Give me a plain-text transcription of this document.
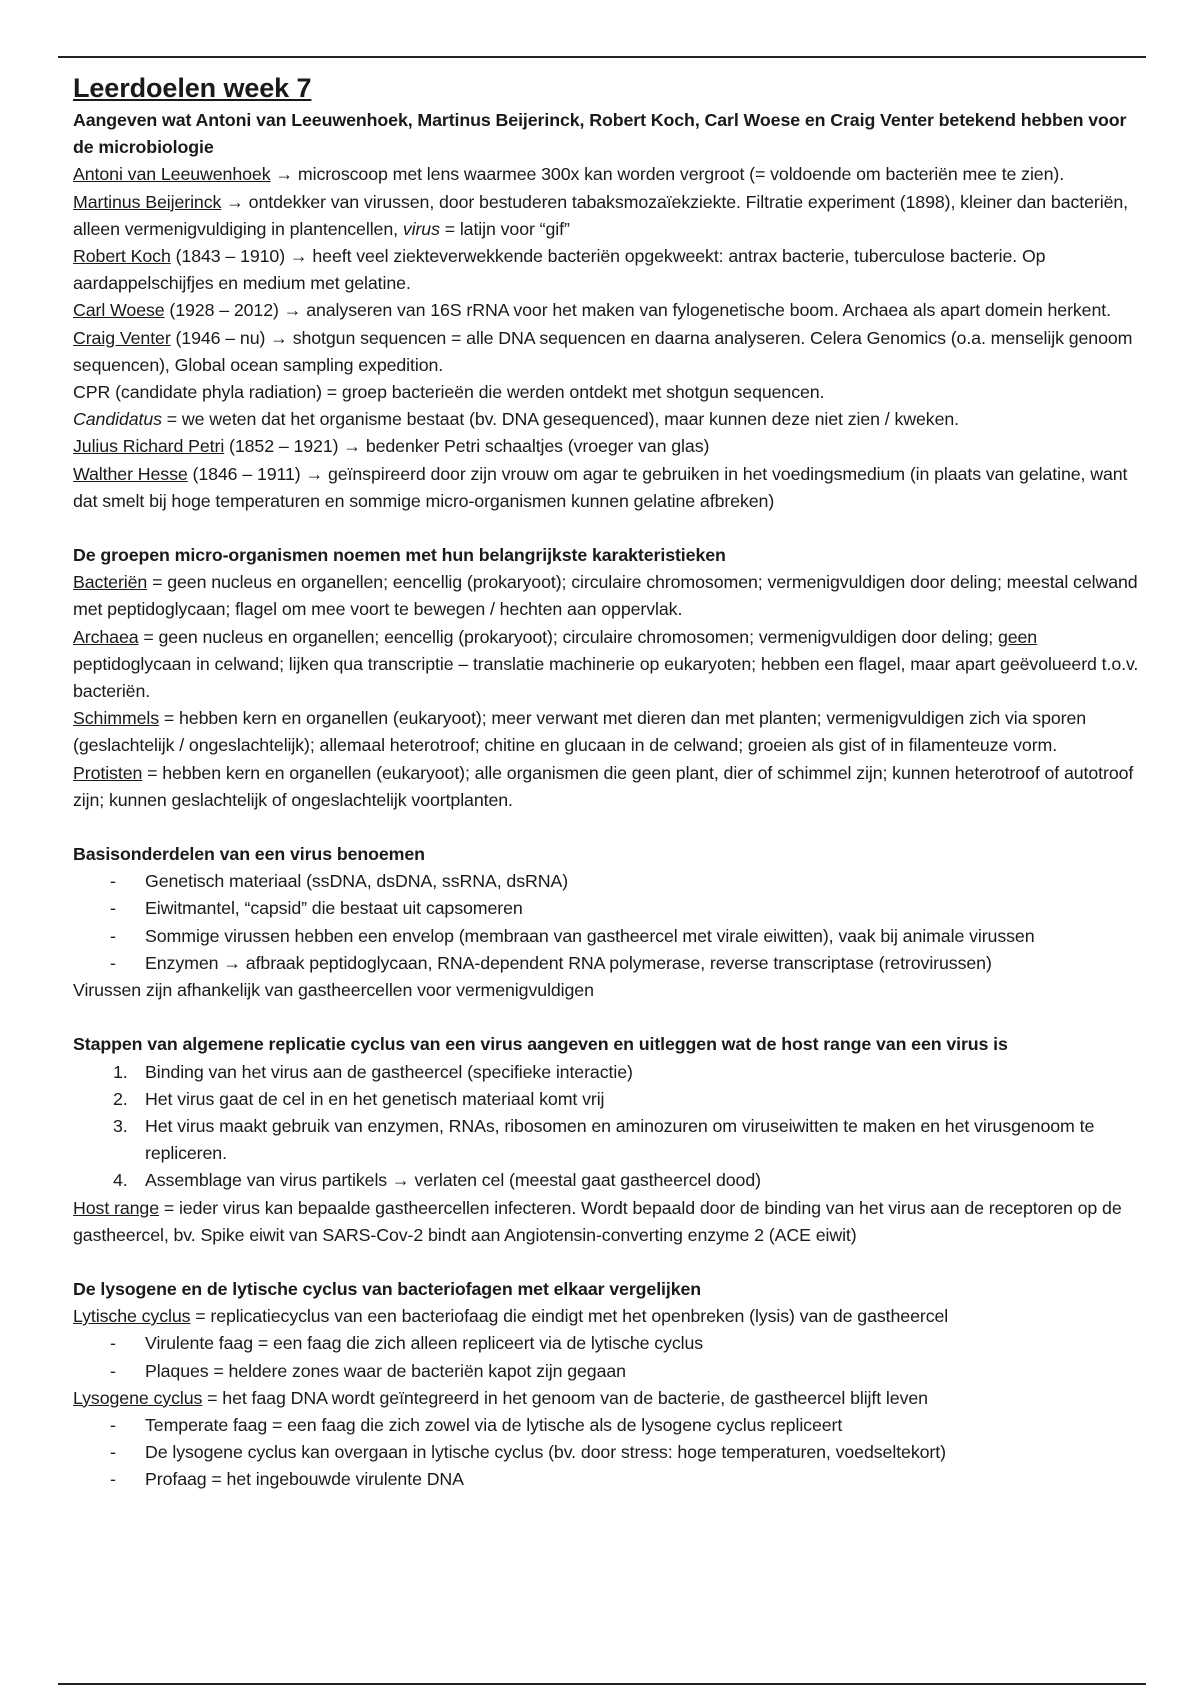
Leerdoelen week 7

Aangeven wat Antoni van Leeuwenhoek, Martinus Beijerinck, Robert Koch, Carl Woese en Craig Venter betekend hebben voor de microbiologie

Antoni van Leeuwenhoek → microscoop met lens waarmee 300x kan worden vergroot (= voldoende om bacteriën mee te zien).

Martinus Beijerinck → ontdekker van virussen, door bestuderen tabaksmozaïekziekte. Filtratie experiment (1898), kleiner dan bacteriën, alleen vermenigvuldiging in plantencellen, virus = latijn voor “gif”

Robert Koch (1843 – 1910) → heeft veel ziekteverwekkende bacteriën opgekweekt: antrax bacterie, tuberculose bacterie. Op aardappelschijfjes en medium met gelatine.

Carl Woese (1928 – 2012) → analyseren van 16S rRNA voor het maken van fylogenetische boom. Archaea als apart domein herkent.

Craig Venter (1946 – nu) → shotgun sequencen = alle DNA sequencen en daarna analyseren. Celera Genomics (o.a. menselijk genoom sequencen), Global ocean sampling expedition.

CPR (candidate phyla radiation) = groep bacterieën die werden ontdekt met shotgun sequencen.

Candidatus = we weten dat het organisme bestaat (bv. DNA gesequenced), maar kunnen deze niet zien / kweken.

Julius Richard Petri (1852 – 1921) → bedenker Petri schaaltjes (vroeger van glas)

Walther Hesse (1846 – 1911) → geïnspireerd door zijn vrouw om agar te gebruiken in het voedingsmedium (in plaats van gelatine, want dat smelt bij hoge temperaturen en sommige micro-organismen kunnen gelatine afbreken)

De groepen micro-organismen noemen met hun belangrijkste karakteristieken

Bacteriën = geen nucleus en organellen; eencellig (prokaryoot); circulaire chromosomen; vermenigvuldigen door deling; meestal celwand met peptidoglycaan; flagel om mee voort te bewegen / hechten aan oppervlak.

Archaea = geen nucleus en organellen; eencellig (prokaryoot); circulaire chromosomen; vermenigvuldigen door deling; geen peptidoglycaan in celwand; lijken qua transcriptie – translatie machinerie op eukaryoten; hebben een flagel, maar apart geëvolueerd t.o.v. bacteriën.

Schimmels = hebben kern en organellen (eukaryoot); meer verwant met dieren dan met planten; vermenigvuldigen zich via sporen (geslachtelijk / ongeslachtelijk); allemaal heterotroof; chitine en glucaan in de celwand; groeien als gist of in filamenteuze vorm.

Protisten = hebben kern en organellen (eukaryoot); alle organismen die geen plant, dier of schimmel zijn; kunnen heterotroof of autotroof zijn; kunnen geslachtelijk of ongeslachtelijk voortplanten.

Basisonderdelen van een virus benoemen

- Genetisch materiaal (ssDNA, dsDNA, ssRNA, dsRNA)
- Eiwitmantel, “capsid” die bestaat uit capsomeren
- Sommige virussen hebben een envelop (membraan van gastheercel met virale eiwitten), vaak bij animale virussen
- Enzymen → afbraak peptidoglycaan, RNA-dependent RNA polymerase, reverse transcriptase (retrovirussen)

Virussen zijn afhankelijk van gastheercellen voor vermenigvuldigen

Stappen van algemene replicatie cyclus van een virus aangeven en uitleggen wat de host range van een virus is

1. Binding van het virus aan de gastheercel (specifieke interactie)
2. Het virus gaat de cel in en het genetisch materiaal komt vrij
3. Het virus maakt gebruik van enzymen, RNAs, ribosomen en aminozuren om viruseiwitten te maken en het virusgenoom te repliceren.
4. Assemblage van virus partikels → verlaten cel (meestal gaat gastheercel dood)

Host range = ieder virus kan bepaalde gastheercellen infecteren. Wordt bepaald door de binding van het virus aan de receptoren op de gastheercel, bv. Spike eiwit van SARS-Cov-2 bindt aan Angiotensin-converting enzyme 2 (ACE eiwit)

De lysogene en de lytische cyclus van bacteriofagen met elkaar vergelijken

Lytische cyclus = replicatiecyclus van een bacteriofaag die eindigt met het openbreken (lysis) van de gastheercel

- Virulente faag = een faag die zich alleen repliceert via de lytische cyclus
- Plaques = heldere zones waar de bacteriën kapot zijn gegaan

Lysogene cyclus = het faag DNA wordt geïntegreerd in het genoom van de bacterie, de gastheercel blijft leven

- Temperate faag = een faag die zich zowel via de lytische als de lysogene cyclus repliceert
- De lysogene cyclus kan overgaan in lytische cyclus (bv. door stress: hoge temperaturen, voedseltekort)
- Profaag = het ingebouwde virulente DNA
